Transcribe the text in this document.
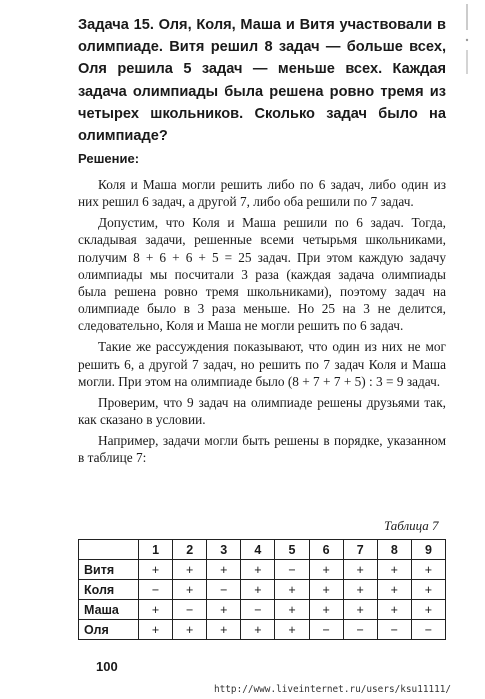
Задача 15. Оля, Коля, Маша и Витя участвовали в олимпиаде. Витя решил 8 задач — больше всех, Оля решила 5 задач — меньше всех. Каждая задача олимпиады была решена ровно тремя из четырех школьников. Сколько задач было на олимпиаде?

Решение:

Коля и Маша могли решить либо по 6 задач, либо один из них решил 6 задач, а другой 7, либо оба решили по 7 задач.

Допустим, что Коля и Маша решили по 6 задач. Тогда, складывая задачи, решенные всеми четырьмя школьниками, получим 8 + 6 + 6 + 5 = 25 задач. При этом каждую задачу олимпиады мы посчитали 3 раза (каждая задача олимпиады была решена ровно тремя школьниками), поэтому задач на олимпиаде было в 3 раза меньше. Но 25 на 3 не делится, следовательно, Коля и Маша не могли решить по 6 задач.

Такие же рассуждения показывают, что один из них не мог решить 6, а другой 7 задач, но решить по 7 задач Коля и Маша могли. При этом на олимпиаде было (8 + 7 + 7 + 5) : 3 = 9 задач.

Проверим, что 9 задач на олимпиаде решены друзьями так, как сказано в условии.

Например, задачи могли быть решены в порядке, указанном в таблице 7:

Таблица 7

	1	2	3	4	5	6	7	8	9
Витя	+	+	+	+	−	+	+	+	+
Коля	−	+	−	+	+	+	+	+	+
Маша	+	−	+	−	+	+	+	+	+
Оля	+	+	+	+	+	−	−	−	−

100

http://www.liveinternet.ru/users/ksu11111/
